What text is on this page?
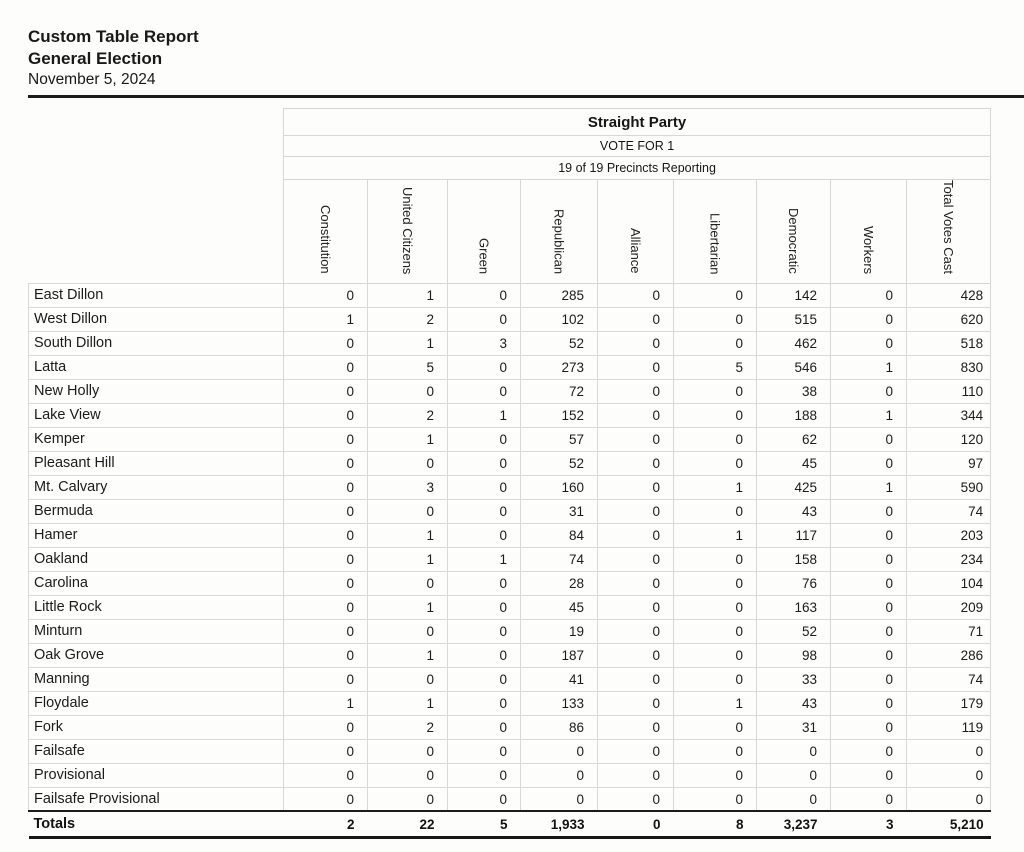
Custom Table Report
General Election
November 5, 2024
	Straight Party								
	VOTE FOR 1								
	19 of 19 Precincts Reporting								
	Constitution	United Citizens	Green	Republican	Alliance	Libertarian	Democratic	Workers	Total Votes Cast
East Dillon	0	1	0	285	0	0	142	0	428
West Dillon	1	2	0	102	0	0	515	0	620
South Dillon	0	1	3	52	0	0	462	0	518
Latta	0	5	0	273	0	5	546	1	830
New Holly	0	0	0	72	0	0	38	0	110
Lake View	0	2	1	152	0	0	188	1	344
Kemper	0	1	0	57	0	0	62	0	120
Pleasant Hill	0	0	0	52	0	0	45	0	97
Mt. Calvary	0	3	0	160	0	1	425	1	590
Bermuda	0	0	0	31	0	0	43	0	74
Hamer	0	1	0	84	0	1	117	0	203
Oakland	0	1	1	74	0	0	158	0	234
Carolina	0	0	0	28	0	0	76	0	104
Little Rock	0	1	0	45	0	0	163	0	209
Minturn	0	0	0	19	0	0	52	0	71
Oak Grove	0	1	0	187	0	0	98	0	286
Manning	0	0	0	41	0	0	33	0	74
Floydale	1	1	0	133	0	1	43	0	179
Fork	0	2	0	86	0	0	31	0	119
Failsafe	0	0	0	0	0	0	0	0	0
Provisional	0	0	0	0	0	0	0	0	0
Failsafe Provisional	0	0	0	0	0	0	0	0	0
Totals	2	22	5	1,933	0	8	3,237	3	5,210
